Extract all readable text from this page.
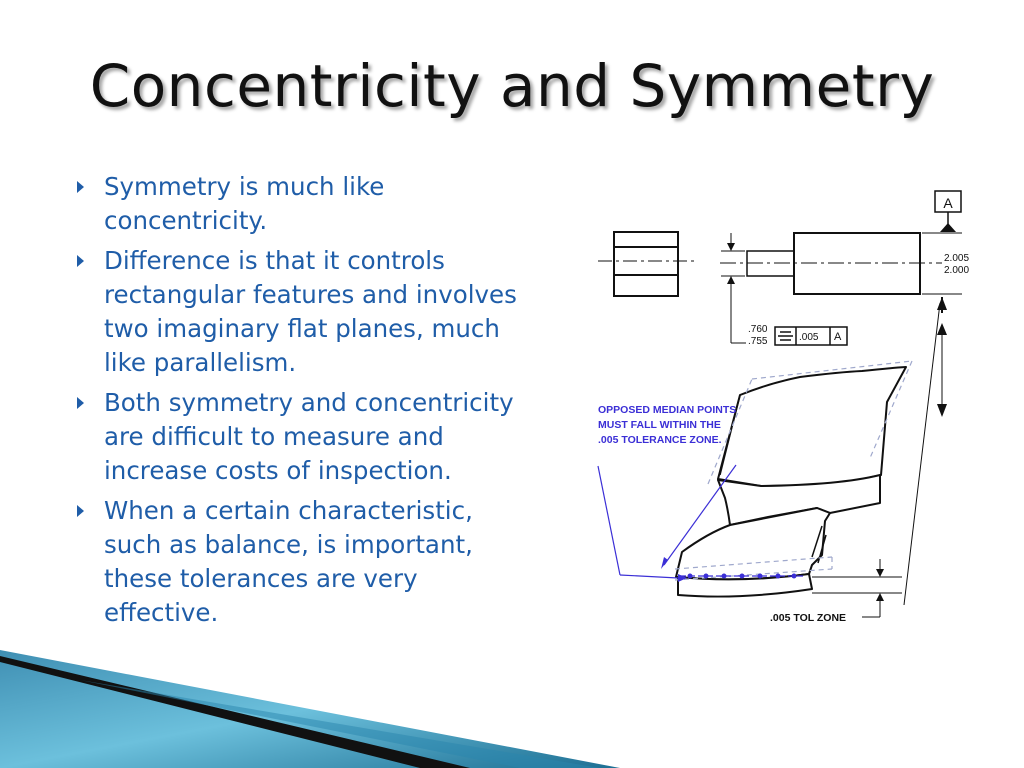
Concentricity and Symmetry
Symmetry is much like concentricity.
Difference is that it controls rectangular features and involves two imaginary flat planes, much like parallelism.
Both symmetry and concentricity are difficult to measure and increase costs of inspection.
When a certain characteristic, such as balance, is important, these tolerances are very effective.
A
2.005
2.000
.760
.755	.005 A
OPPOSED MEDIAN POINTS
MUST FALL WITHIN THE
.005 TOLERANCE ZONE.
.005 TOL ZONE
